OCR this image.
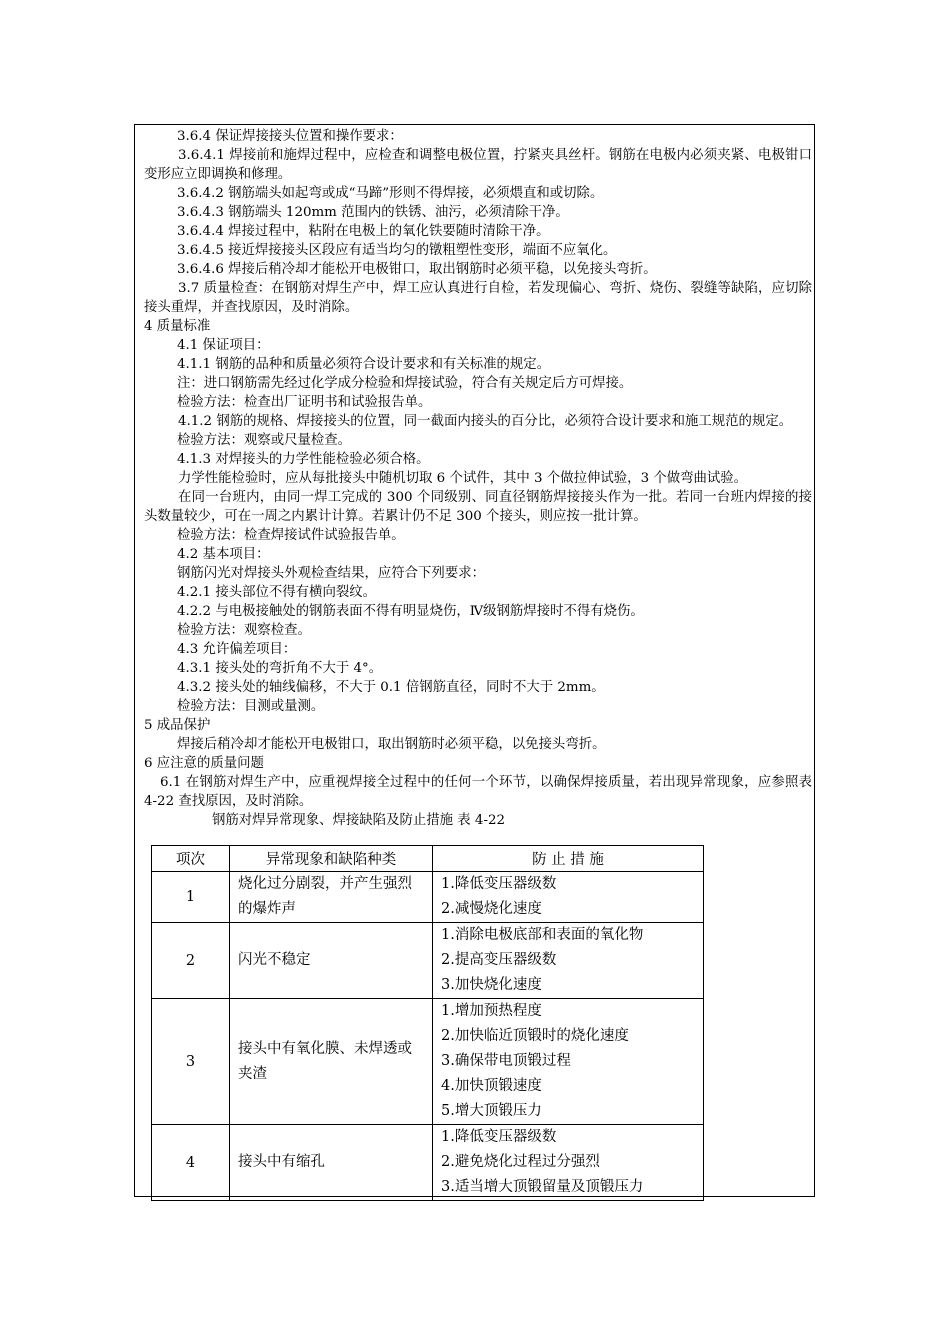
3.6.4 保证焊接接头位置和操作要求：

3.6.4.1 焊接前和施焊过程中，应检查和调整电极位置，拧紧夹具丝杆。钢筋在电极内必须夹紧、电极钳口变形应立即调换和修理。

3.6.4.2 钢筋端头如起弯或成“马蹄”形则不得焊接，必须煨直和或切除。

3.6.4.3 钢筋端头 120mm 范围内的铁锈、油污，必须清除干净。

3.6.4.4 焊接过程中，粘附在电极上的氧化铁要随时清除干净。

3.6.4.5 接近焊接接头区段应有适当均匀的镦粗塑性变形，端面不应氧化。

3.6.4.6 焊接后稍冷却才能松开电极钳口，取出钢筋时必须平稳，以免接头弯折。

3.7 质量检查：在钢筋对焊生产中，焊工应认真进行自检，若发现偏心、弯折、烧伤、裂缝等缺陷，应切除接头重焊，并查找原因，及时消除。

4 质量标准

4.1 保证项目：

4.1.1 钢筋的品种和质量必须符合设计要求和有关标准的规定。

注：进口钢筋需先经过化学成分检验和焊接试验，符合有关规定后方可焊接。

检验方法：检查出厂证明书和试验报告单。

4.1.2 钢筋的规格、焊接接头的位置，同一截面内接头的百分比，必须符合设计要求和施工规范的规定。

检验方法：观察或尺量检查。

4.1.3 对焊接头的力学性能检验必须合格。

力学性能检验时，应从每批接头中随机切取 6 个试件，其中 3 个做拉伸试验，3 个做弯曲试验。

在同一台班内，由同一焊工完成的 300 个同级别、同直径钢筋焊接接头作为一批。若同一台班内焊接的接头数量较少，可在一周之内累计计算。若累计仍不足 300 个接头，则应按一批计算。

检验方法：检查焊接试件试验报告单。

4.2 基本项目：

钢筋闪光对焊接头外观检查结果，应符合下列要求：

4.2.1 接头部位不得有横向裂纹。

4.2.2 与电极接触处的钢筋表面不得有明显烧伤，Ⅳ级钢筋焊接时不得有烧伤。

检验方法：观察检查。

4.3 允许偏差项目：

4.3.1 接头处的弯折角不大于 4°。

4.3.2 接头处的轴线偏移，不大于 0.1 倍钢筋直径，同时不大于 2mm。

检验方法：目测或量测。

5 成品保护

焊接后稍冷却才能松开电极钳口，取出钢筋时必须平稳，以免接头弯折。

6 应注意的质量问题

6.1 在钢筋对焊生产中，应重视焊接全过程中的任何一个环节，以确保焊接质量，若出现异常现象，应参照表 4-22 查找原因，及时消除。

钢筋对焊异常现象、焊接缺陷及防止措施 表 4-22

项次	异常现象和缺陷种类	防 止 措 施
1	烧化过分剧裂，并产生强烈的爆炸声	1.降低变压器级数
2.减慢烧化速度

2	闪光不稳定	1.消除电极底部和表面的氧化物
2.提高变压器级数
3.加快烧化速度

3	接头中有氧化膜、未焊透或夹渣	1.增加预热程度
2.加快临近顶锻时的烧化速度
3.确保带电顶锻过程
4.加快顶锻速度
5.增大顶锻压力

4	接头中有缩孔	1.降低变压器级数
2.避免烧化过程过分强烈
3.适当增大顶锻留量及顶锻压力
